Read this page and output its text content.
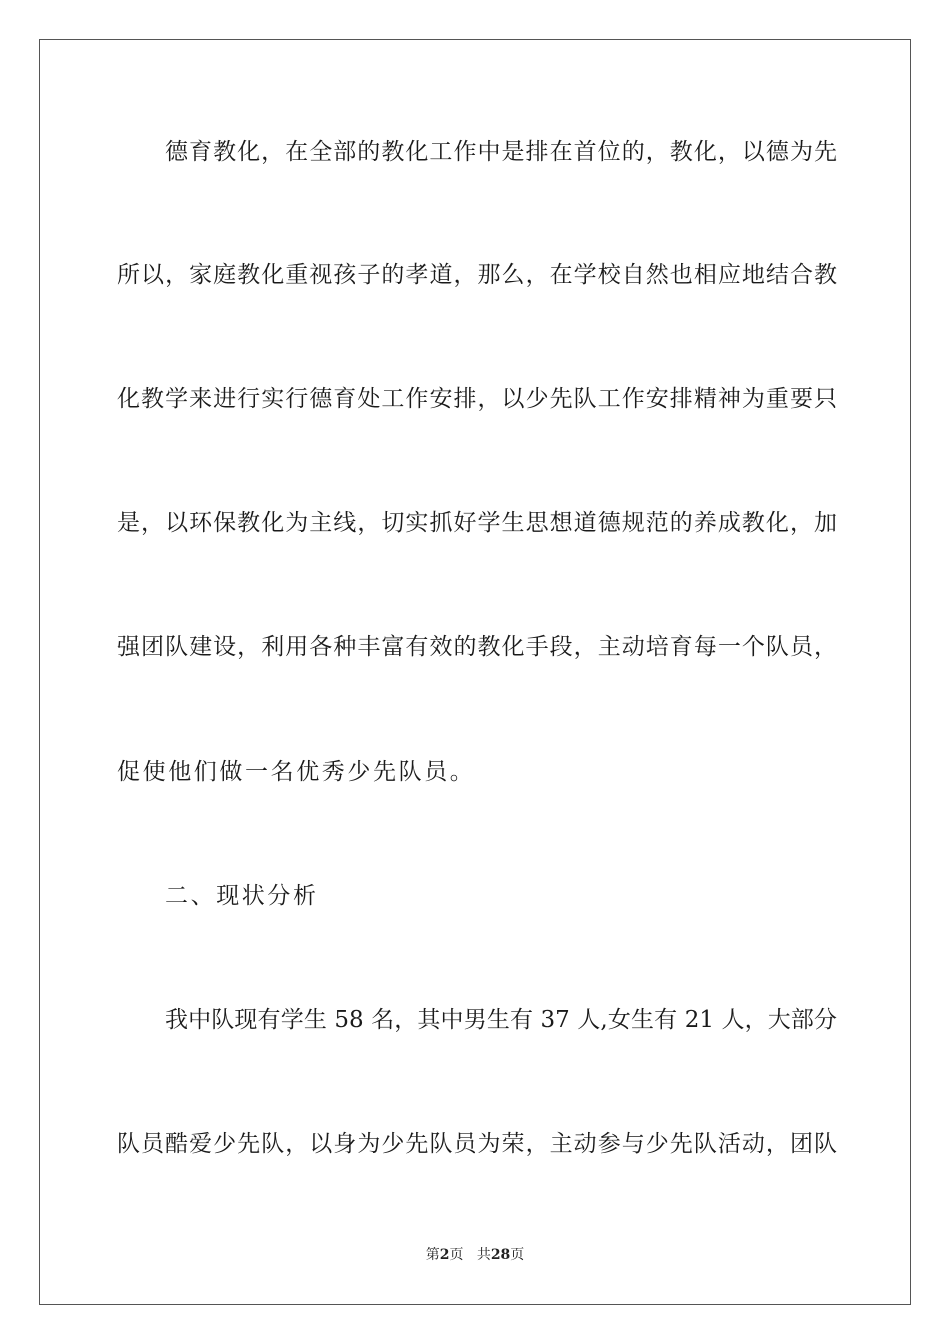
德育教化，在全部的教化工作中是排在首位的，教化，以德为先
所以，家庭教化重视孩子的孝道，那么，在学校自然也相应地结合教
化教学来进行实行德育处工作安排，以少先队工作安排精神为重要只
是，以环保教化为主线，切实抓好学生思想道德规范的养成教化，加
强团队建设，利用各种丰富有效的教化手段，主动培育每一个队员，
促使他们做一名优秀少先队员。
二、现状分析
我中队现有学生 58 名，其中男生有 37 人,女生有 21 人，大部分
队员酷爱少先队，以身为少先队员为荣，主动参与少先队活动，团队
第2页 共28页
